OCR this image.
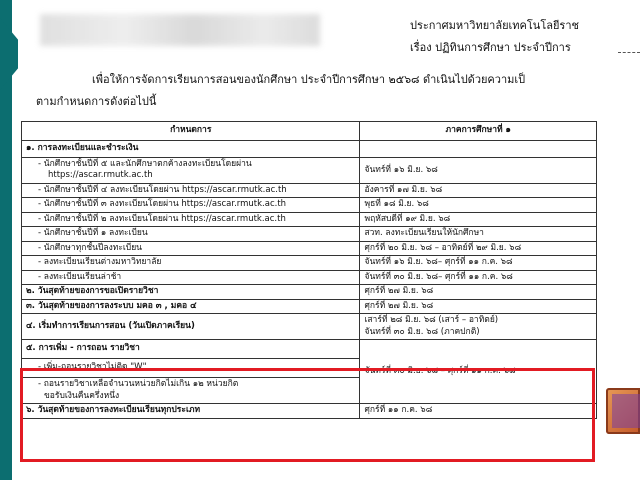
ประกาศมหาวิทยาลัยเทคโนโลยีราช
เรื่อง ปฏิทินการศึกษา ประจำปีการ
เพื่อให้การจัดการเรียนการสอนของนักศึกษา ประจำปีการศึกษา ๒๕๖๘ ดำเนินไปด้วยความเป็
ตามกำหนดการดังต่อไปนี้
กำหนดการ	ภาคการศึกษาที่ ๑
๑. การลงทะเบียนและชำระเงิน	

- นักศึกษาชั้นปีที่ ๕ และนักศึกษาตกค้างลงทะเบียนโดยผ่าน
https://ascar.rmutk.ac.th	จันทร์ที่ ๑๖ มิ.ย. ๖๘
- นักศึกษาชั้นปีที่ ๔ ลงทะเบียนโดยผ่าน https://ascar.rmutk.ac.th	อังคารที่ ๑๗ มิ.ย. ๖๘
- นักศึกษาชั้นปีที่ ๓ ลงทะเบียนโดยผ่าน https://ascar.rmutk.ac.th	พุธที่ ๑๘ มิ.ย. ๖๘
- นักศึกษาชั้นปีที่ ๒ ลงทะเบียนโดยผ่าน https://ascar.rmutk.ac.th	พฤหัสบดีที่ ๑๙ มิ.ย. ๖๘
- นักศึกษาชั้นปีที่ ๑ ลงทะเบียน	สวท. ลงทะเบียนเรียนให้นักศึกษา
- นักศึกษาทุกชั้นปีลงทะเบียน	ศุกร์ที่ ๒๐ มิ.ย. ๖๘ – อาทิตย์ที่ ๒๙ มิ.ย. ๖๘
- ลงทะเบียนเรียนต่างมหาวิทยาลัย	จันทร์ที่ ๑๖ มิ.ย. ๖๘– ศุกร์ที่ ๑๑ ก.ค. ๖๘
- ลงทะเบียนเรียนล่าช้า	จันทร์ที่ ๓๐ มิ.ย. ๖๘– ศุกร์ที่ ๑๑ ก.ค. ๖๘
๒. วันสุดท้ายของการขอเปิดรายวิชา	ศุกร์ที่ ๒๗ มิ.ย. ๖๘
๓. วันสุดท้ายของการลงระบบ มคอ ๓ , มคอ ๔	ศุกร์ที่ ๒๗ มิ.ย. ๖๘
๔. เริ่มทำการเรียนการสอน (วันเปิดภาคเรียน)	เสาร์ที่ ๒๘ มิ.ย. ๖๘ (เสาร์ – อาทิตย์)
จันทร์ที่ ๓๐ มิ.ย. ๖๘ (ภาคปกติ)

๕. การเพิ่ม - การถอน รายวิชา	จันทร์ที่ ๓๐ มิ.ย. ๖๘ – ศุกร์ที่ ๑๑ ก.ค. ๖๘
- เพิ่ม-ถอนรายวิชาไม่ติด "W"	

- ถอนรายวิชาเหลือจำนวนหน่วยกิตไม่เกิน ๑๒ หน่วยกิต
ขอรับเงินคืนครึ่งหนึ่ง	

๖. วันสุดท้ายของการลงทะเบียนเรียนทุกประเภท	ศุกร์ที่ ๑๑ ก.ค. ๖๘
